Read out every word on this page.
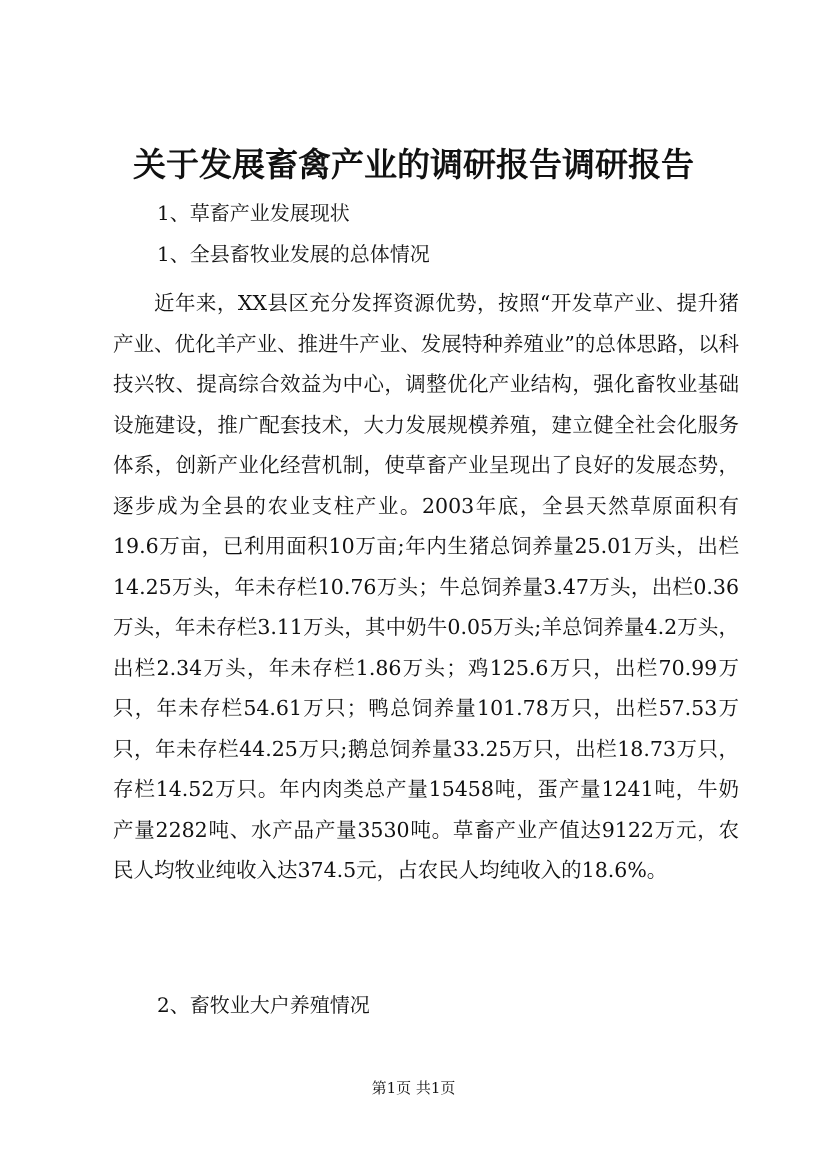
关于发展畜禽产业的调研报告调研报告

1、草畜产业发展现状

1、全县畜牧业发展的总体情况

近年来，XX县区充分发挥资源优势，按照“开发草产业、提升猪产业、优化羊产业、推进牛产业、发展特种养殖业”的总体思路，以科技兴牧、提高综合效益为中心，调整优化产业结构，强化畜牧业基础设施建设，推广配套技术，大力发展规模养殖，建立健全社会化服务体系，创新产业化经营机制，使草畜产业呈现出了良好的发展态势，逐步成为全县的农业支柱产业。2003年底，全县天然草原面积有19.6万亩，已利用面积10万亩;年内生猪总饲养量25.01万头，出栏14.25万头，年未存栏10.76万头；牛总饲养量3.47万头，出栏0.36万头，年未存栏3.11万头，其中奶牛0.05万头;羊总饲养量4.2万头，出栏2.34万头，年未存栏1.86万头；鸡125.6万只，出栏70.99万只，年未存栏54.61万只；鸭总饲养量101.78万只，出栏57.53万只，年未存栏44.25万只;鹅总饲养量33.25万只，出栏18.73万只，存栏14.52万只。年内肉类总产量15458吨，蛋产量1241吨，牛奶产量2282吨、水产品产量3530吨。草畜产业产值达9122万元，农民人均牧业纯收入达374.5元，占农民人均纯收入的18.6%。

2、畜牧业大户养殖情况

第1页 共1页
